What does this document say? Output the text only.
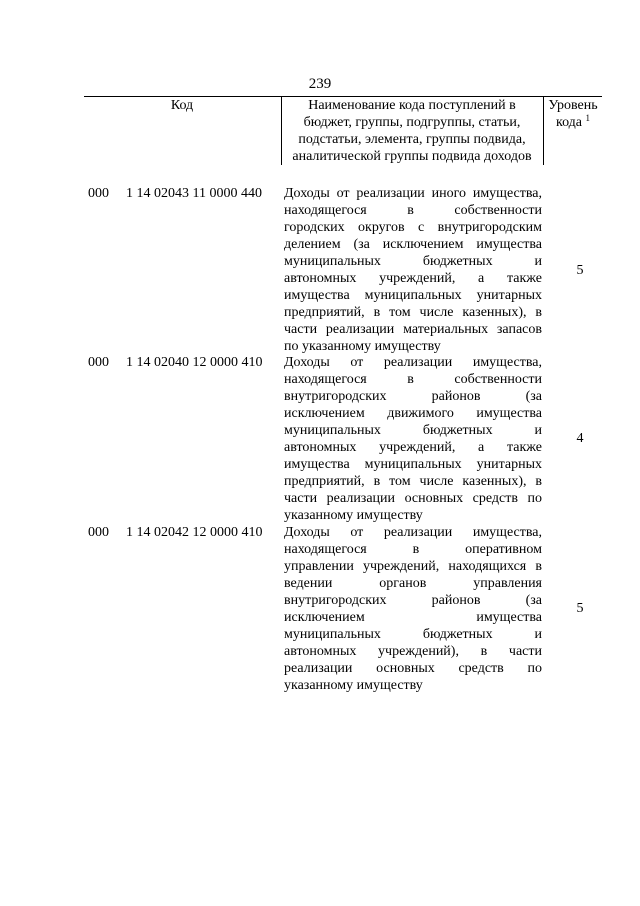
239
Код	Наименование кода поступлений в
бюджет, группы, подгруппы, статьи,
подстатьи, элемента, группы подвида,
аналитической группы подвида доходов
Уровень
кода $^1$
000 1 14 02043 11 0000 440 Доходы от реализации иного имущества,
находящегося в собственности
городских округов с внутригородским
делением (за исключением имущества
муниципальных бюджетных и
автономных учреждений, а также
имущества муниципальных унитарных
предприятий, в том числе казенных), в
части реализации материальных запасов
по указанному имуществу
5
000 1 14 02040 12 0000 410 Доходы от реализации имущества,
находящегося в собственности
внутригородских районов (за
исключением движимого имущества
муниципальных бюджетных и
автономных учреждений, а также
имущества муниципальных унитарных
предприятий, в том числе казенных), в
части реализации основных средств по
указанному имуществу
4
000 1 14 02042 12 0000 410 Доходы от реализации имущества,
находящегося в оперативном
управлении учреждений, находящихся в
ведении органов управления
внутригородских районов (за
исключением имущества
муниципальных бюджетных и
автономных учреждений), в части
реализации основных средств по
указанному имуществу
5
